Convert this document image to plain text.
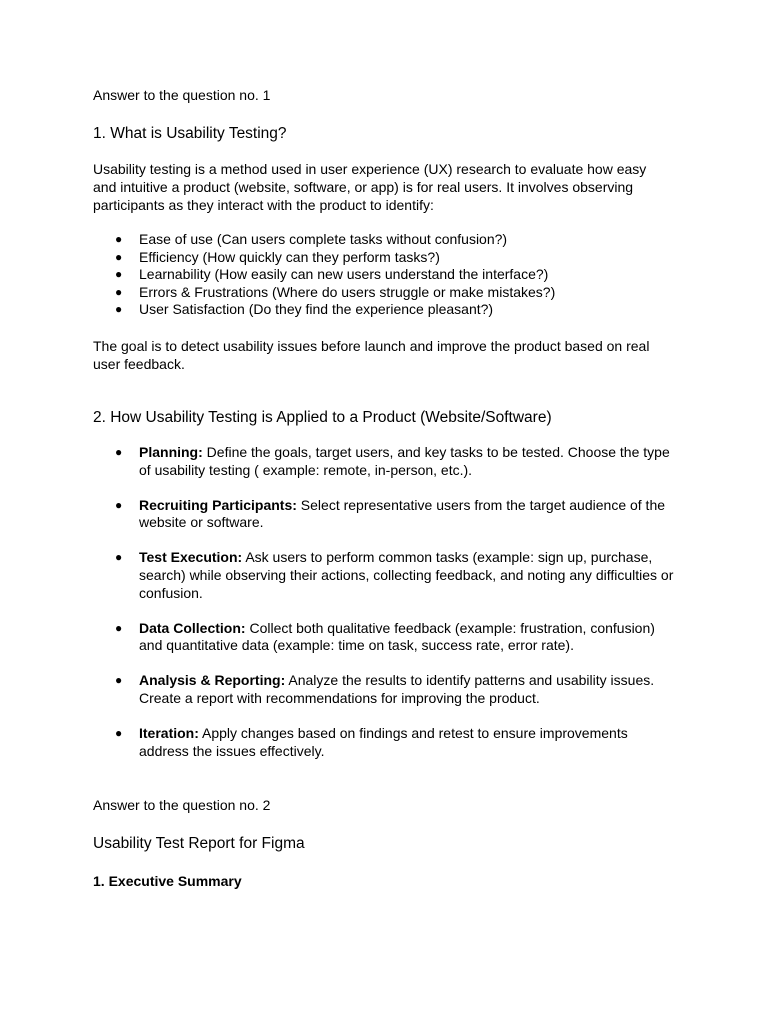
Answer to the question no. 1

1. What is Usability Testing?

Usability testing is a method used in user experience (UX) research to evaluate how easy and intuitive a product (website, software, or app) is for real users. It involves observing participants as they interact with the product to identify:

● Ease of use (Can users complete tasks without confusion?)
● Efficiency (How quickly can they perform tasks?)
● Learnability (How easily can new users understand the interface?)
● Errors & Frustrations (Where do users struggle or make mistakes?)
● User Satisfaction (Do they find the experience pleasant?)

The goal is to detect usability issues before launch and improve the product based on real user feedback.

2. How Usability Testing is Applied to a Product (Website/Software)
● Planning: Define the goals, target users, and key tasks to be tested. Choose the type of usability testing ( example: remote, in-person, etc.).
● Recruiting Participants: Select representative users from the target audience of the website or software.
● Test Execution: Ask users to perform common tasks (example: sign up, purchase, search) while observing their actions, collecting feedback, and noting any difficulties or confusion.
● Data Collection: Collect both qualitative feedback (example: frustration, confusion) and quantitative data (example: time on task, success rate, error rate).
● Analysis & Reporting: Analyze the results to identify patterns and usability issues. Create a report with recommendations for improving the product.
● Iteration: Apply changes based on findings and retest to ensure improvements address the issues effectively.

Answer to the question no. 2

Usability Test Report for Figma
1. Executive Summary
